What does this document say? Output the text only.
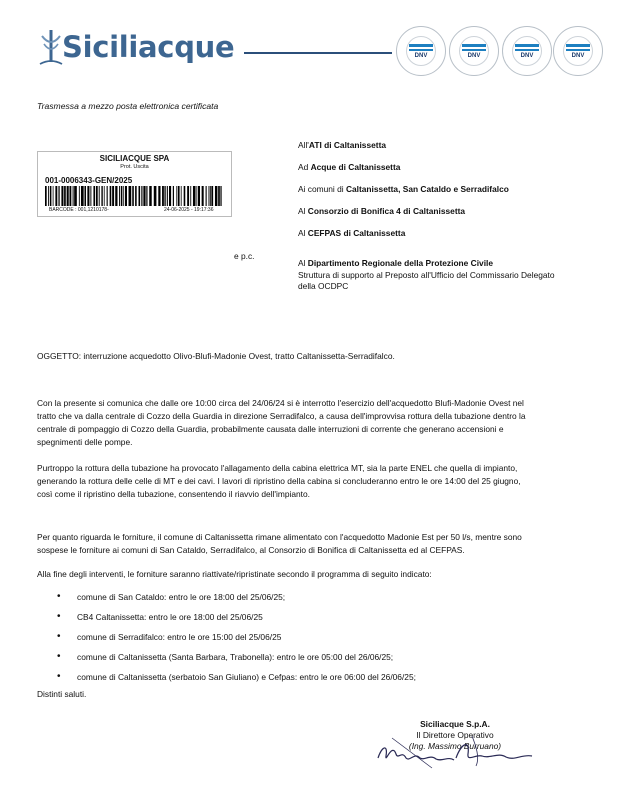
Siciliacque	DNV	DNV	DNV	DNV
Trasmessa a mezzo posta elettronica certificata
SICILIACQUE SPA
Prot. Uscita
001-0006343-GEN/2025
BARCODE : 001,1210178-	24-06-2025 - 19:17:36
All'ATI di Caltanissetta
Ad Acque di Caltanissetta
Ai comuni di Caltanissetta, San Cataldo e Serradifalco
Al Consorzio di Bonifica 4 di Caltanissetta
Al CEFPAS di Caltanissetta
e p.c.
Al Dipartimento Regionale della Protezione Civile
Struttura di supporto al Preposto all'Ufficio del Commissario Delegato
della OCDPC
OGGETTO: interruzione acquedotto Olivo-Blufi-Madonie Ovest, tratto Caltanissetta-Serradifalco.
Con la presente si comunica che dalle ore 10:00 circa del 24/06/24 si è interrotto l'esercizio dell'acquedotto Blufi-Madonie Ovest nel
tratto che va dalla centrale di Cozzo della Guardia in direzione Serradifalco, a causa dell'improvvisa rottura della tubazione dentro la
centrale di pompaggio di Cozzo della Guardia, probabilmente causata dalle interruzioni di corrente che generano accensioni e
spegnimenti delle pompe.
Purtroppo la rottura della tubazione ha provocato l'allagamento della cabina elettrica MT, sia la parte ENEL che quella di impianto,
generando la rottura delle celle di MT e dei cavi. I lavori di ripristino della cabina si concluderanno entro le ore 14:00 del 25 giugno,
così come il ripristino della tubazione, consentendo il riavvio dell'impianto.
Per quanto riguarda le forniture, il comune di Caltanissetta rimane alimentato con l'acquedotto Madonie Est per 50 l/s, mentre sono
sospese le forniture ai comuni di San Cataldo, Serradifalco, al Consorzio di Bonifica di Caltanissetta ed al CEFPAS.
Alla fine degli interventi, le forniture saranno riattivate/ripristinate secondo il programma di seguito indicato:
• comune di San Cataldo: entro le ore 18:00 del 25/06/25;
• CB4 Caltanissetta: entro le ore 18:00 del 25/06/25
• comune di Serradifalco: entro le ore 15:00 del 25/06/25
• comune di Caltanissetta (Santa Barbara, Trabonella): entro le ore 05:00 del 26/06/25;
• comune di Caltanissetta (serbatoio San Giuliano) e Cefpas: entro le ore 06:00 del 26/06/25;
Distinti saluti.
Siciliacque S.p.A.
Il Direttore Operativo
(Ing. Massimo Burruano)
